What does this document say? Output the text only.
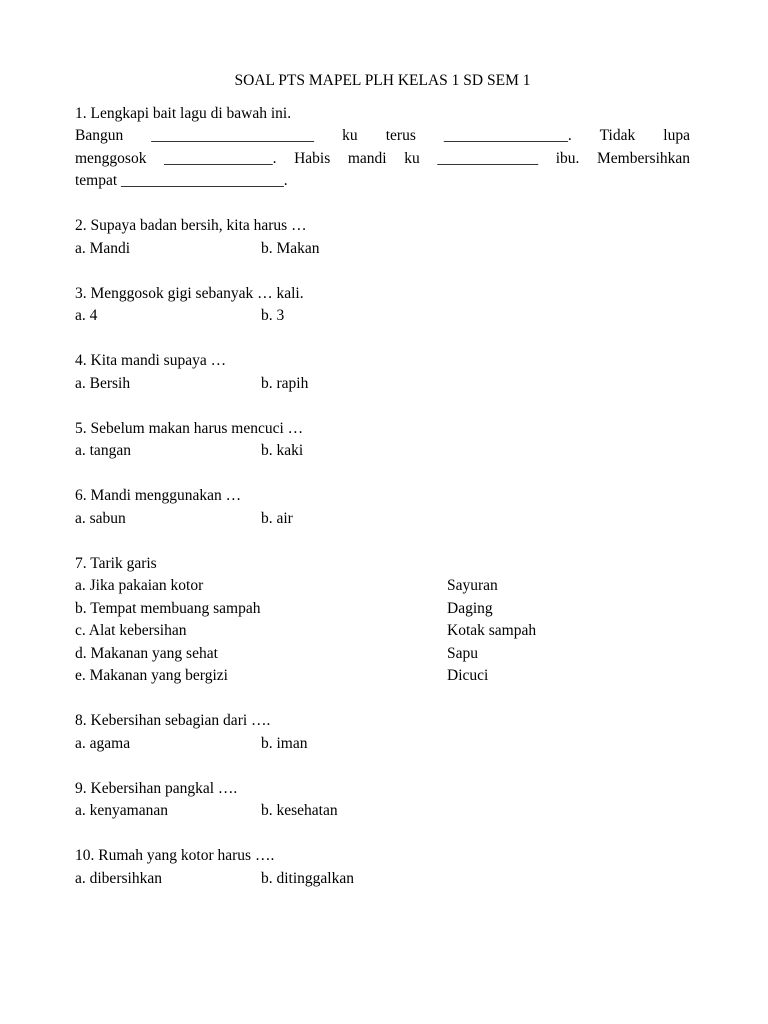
SOAL PTS MAPEL PLH KELAS 1 SD SEM 1
1. Lengkapi bait lagu di bawah ini.
Bangun _____________________ ku terus ________________. Tidak lupa
menggosok ______________. Habis mandi ku _____________ ibu. Membersihkan
tempat _____________________.
2. Supaya badan bersih, kita harus …
a. Mandi	b. Makan
3. Menggosok gigi sebanyak … kali.
a. 4	b. 3
4. Kita mandi supaya …
a. Bersih	b. rapih
5. Sebelum makan harus mencuci …
a. tangan	b. kaki
6. Mandi menggunakan …
a. sabun	b. air
7. Tarik garis
a. Jika pakaian kotor	Sayuran
b. Tempat membuang sampah	Daging
c. Alat kebersihan	Kotak sampah
d. Makanan yang sehat	Sapu
e. Makanan yang bergizi	Dicuci
8. Kebersihan sebagian dari ….
a. agama	b. iman
9. Kebersihan pangkal ….
a. kenyamanan	b. kesehatan
10. Rumah yang kotor harus ….
a. dibersihkan	b. ditinggalkan
